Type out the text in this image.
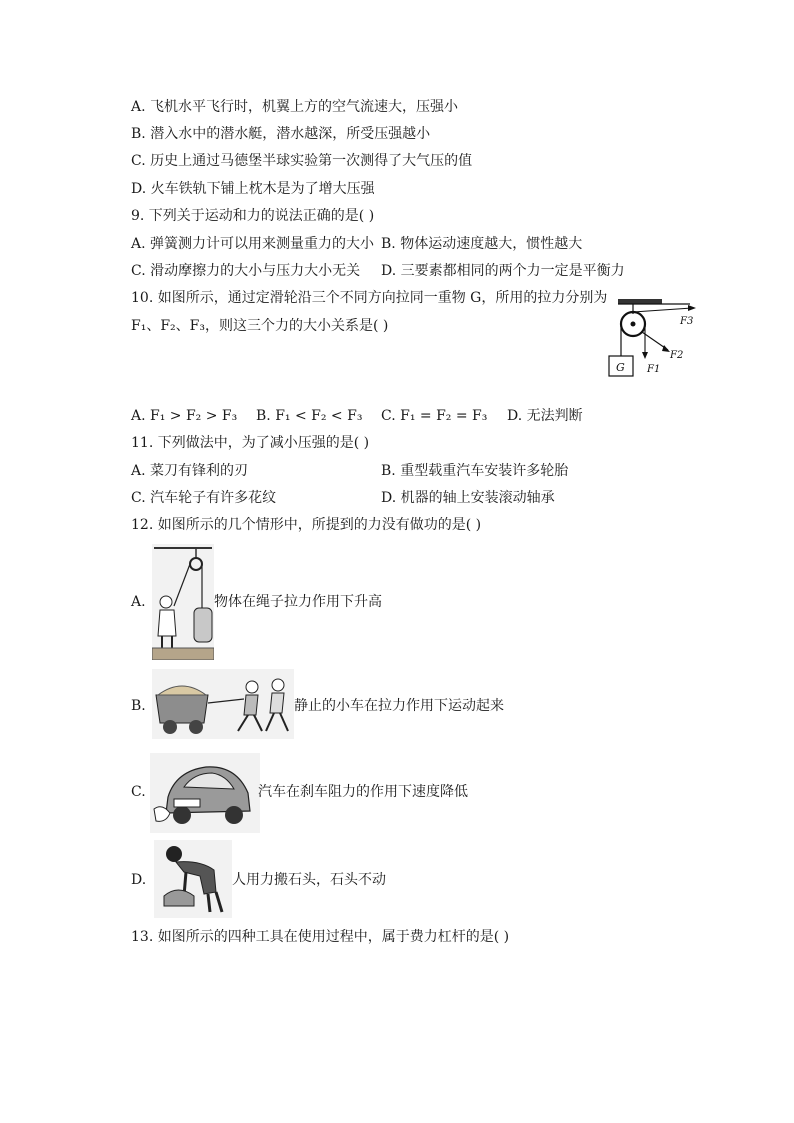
A. 飞机水平飞行时，机翼上方的空气流速大，压强小
B. 潜入水中的潜水艇，潜水越深，所受压强越小
C. 历史上通过马德堡半球实验第一次测得了大气压的值
D. 火车铁轨下铺上枕木是为了增大压强
9. 下列关于运动和力的说法正确的是( )
A. 弹簧测力计可以用来测量重力的大小 B. 物体运动速度越大，惯性越大
C. 滑动摩擦力的大小与压力大小无关 D. 三要素都相同的两个力一定是平衡力
10. 如图所示，通过定滑轮沿三个不同方向拉同一重物 G，所用的拉力分别为
F₁、F₂、F₃，则这三个力的大小关系是( )
G F1
F2
F3
A. F₁ > F₂ > F₃ B. F₁ < F₂ < F₃ C. F₁ = F₂ = F₃ D. 无法判断
11. 下列做法中，为了减小压强的是( )
A. 菜刀有锋利的刃	B. 重型载重汽车安装许多轮胎
C. 汽车轮子有许多花纹	D. 机器的轴上安装滚动轴承
12. 如图所示的几个情形中，所提到的力没有做功的是( )
A.	物体在绳子拉力作用下升高
B.	静止的小车在拉力作用下运动起来
C.	汽车在刹车阻力的作用下速度降低
D.	人用力搬石头，石头不动
13. 如图所示的四种工具在使用过程中，属于费力杠杆的是( )
